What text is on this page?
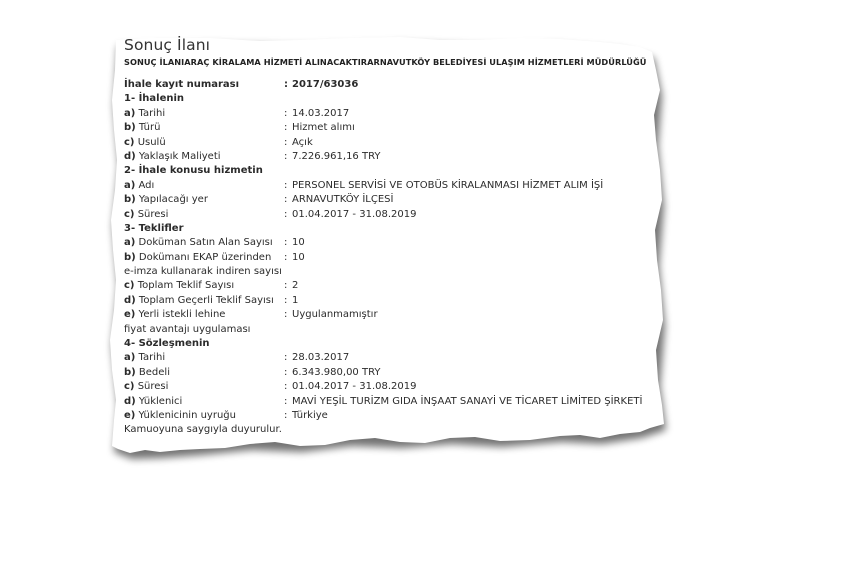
Sonuç İlanı
SONUÇ İLANIARAÇ KİRALAMA HİZMETİ ALINACAKTIRARNAVUTKÖY BELEDİYESİ ULAŞIM HİZMETLERİ MÜDÜRLÜĞÜ
İhale kayıt numarası	: 2017/63036
1- İhalenin
a) Tarihi	: 14.03.2017
b) Türü	: Hizmet alımı
c) Usulü	: Açık
d) Yaklaşık Maliyeti	: 7.226.961,16 TRY
2- İhale konusu hizmetin
a) Adı	: PERSONEL SERVİSİ VE OTOBÜS KİRALANMASI HİZMET ALIM İŞİ
b) Yapılacağı yer	: ARNAVUTKÖY İLÇESİ
c) Süresi	: 01.04.2017 - 31.08.2019
3- Teklifler
a) Doküman Satın Alan Sayısı : 10
b) Dokümanı EKAP üzerinden : 10
e-imza kullanarak indiren sayısı
c) Toplam Teklif Sayısı	: 2
d) Toplam Geçerli Teklif Sayısı : 1
e) Yerli istekli lehine	: Uygulanmamıştır
fiyat avantajı uygulaması
4- Sözleşmenin
a) Tarihi	: 28.03.2017
b) Bedeli	: 6.343.980,00 TRY
c) Süresi	: 01.04.2017 - 31.08.2019
d) Yüklenici	: MAVİ YEŞİL TURİZM GIDA İNŞAAT SANAYİ VE TİCARET LİMİTED ŞİRKETİ
e) Yüklenicinin uyruğu	: Türkiye
Kamuoyuna saygıyla duyurulur.
